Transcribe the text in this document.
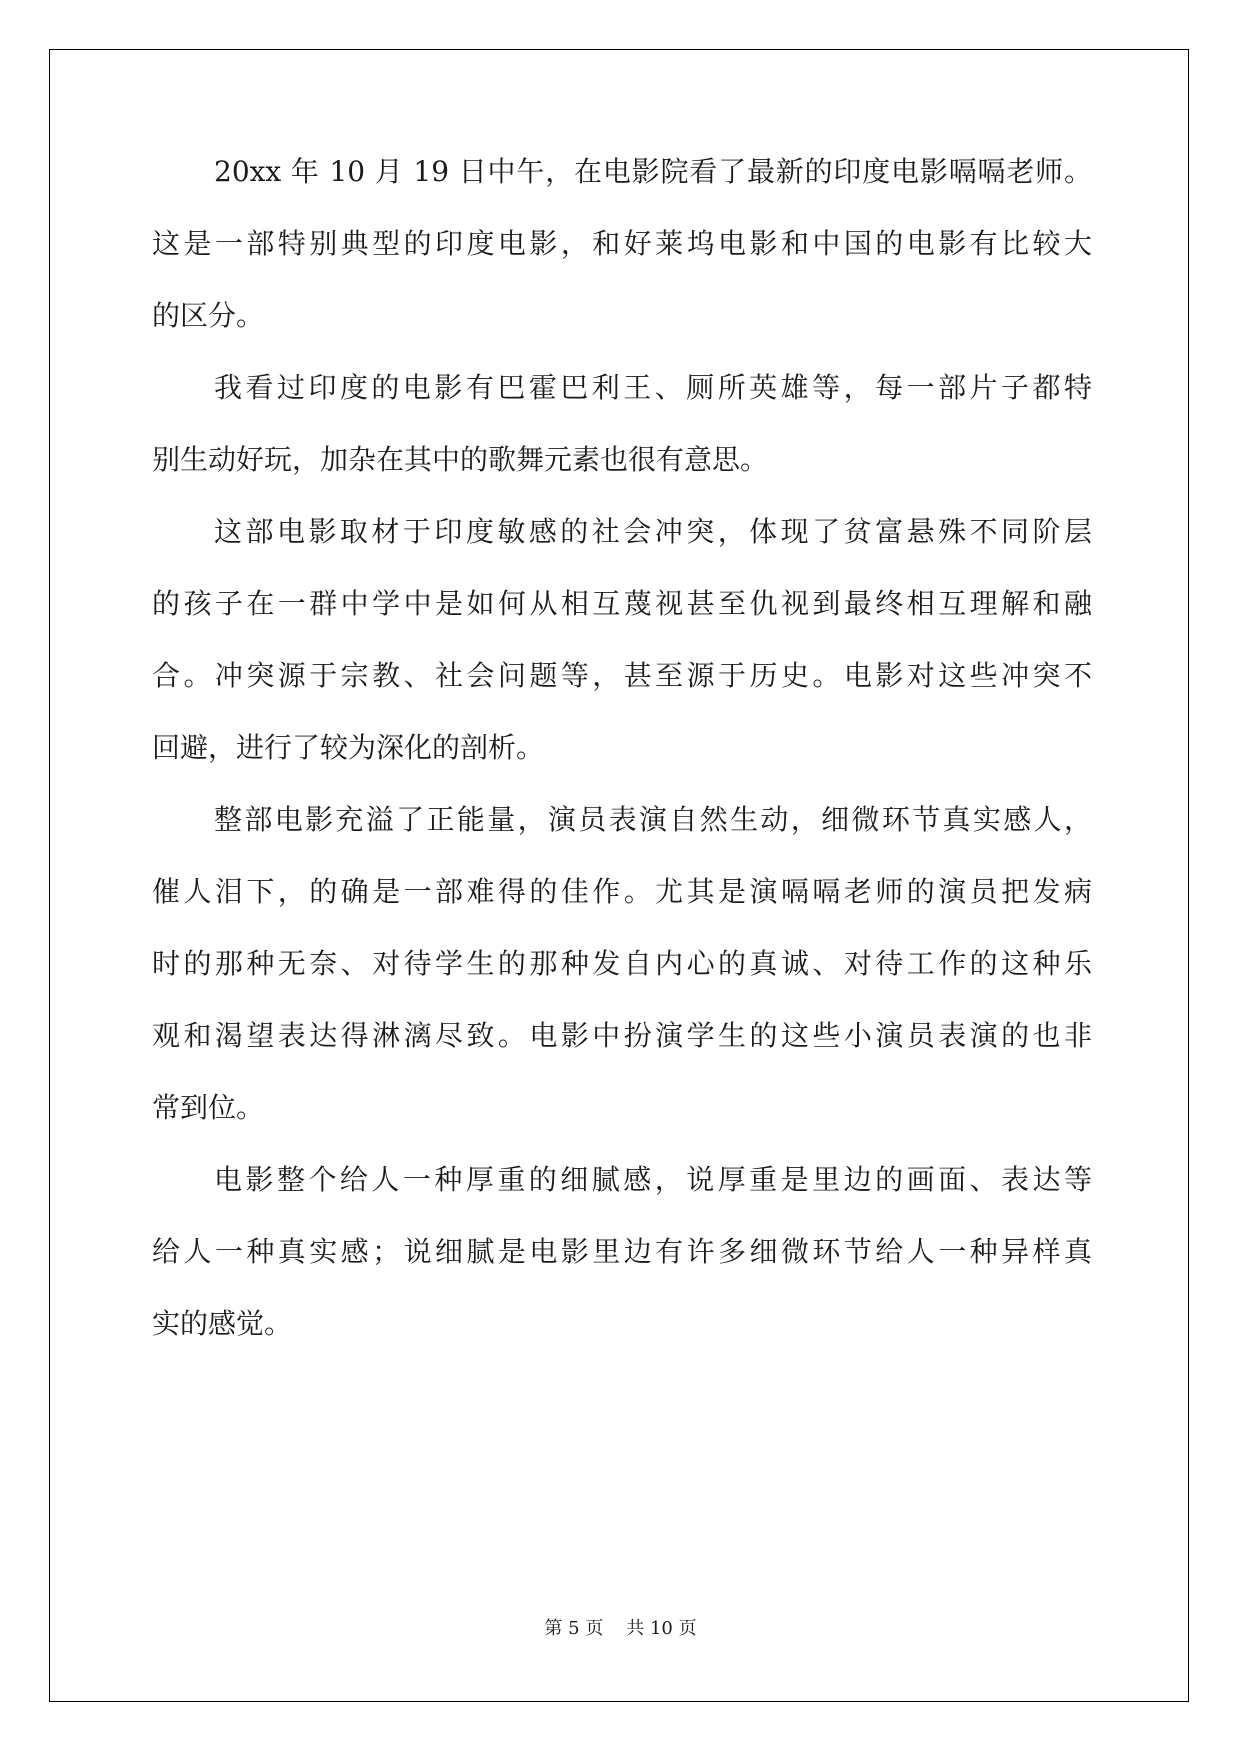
20xx 年 10 月 19 日中午，在电影院看了最新的印度电影嗝嗝老师。
这是一部特别典型的印度电影，和好莱坞电影和中国的电影有比较大
的区分。
我看过印度的电影有巴霍巴利王、厕所英雄等，每一部片子都特
别生动好玩，加杂在其中的歌舞元素也很有意思。
这部电影取材于印度敏感的社会冲突，体现了贫富悬殊不同阶层
的孩子在一群中学中是如何从相互蔑视甚至仇视到最终相互理解和融
合。冲突源于宗教、社会问题等，甚至源于历史。电影对这些冲突不
回避，进行了较为深化的剖析。
整部电影充溢了正能量，演员表演自然生动，细微环节真实感人，
催人泪下，的确是一部难得的佳作。尤其是演嗝嗝老师的演员把发病
时的那种无奈、对待学生的那种发自内心的真诚、对待工作的这种乐
观和渴望表达得淋漓尽致。电影中扮演学生的这些小演员表演的也非
常到位。
电影整个给人一种厚重的细腻感，说厚重是里边的画面、表达等
给人一种真实感；说细腻是电影里边有许多细微环节给人一种异样真
实的感觉。
第 5 页 共 10 页
